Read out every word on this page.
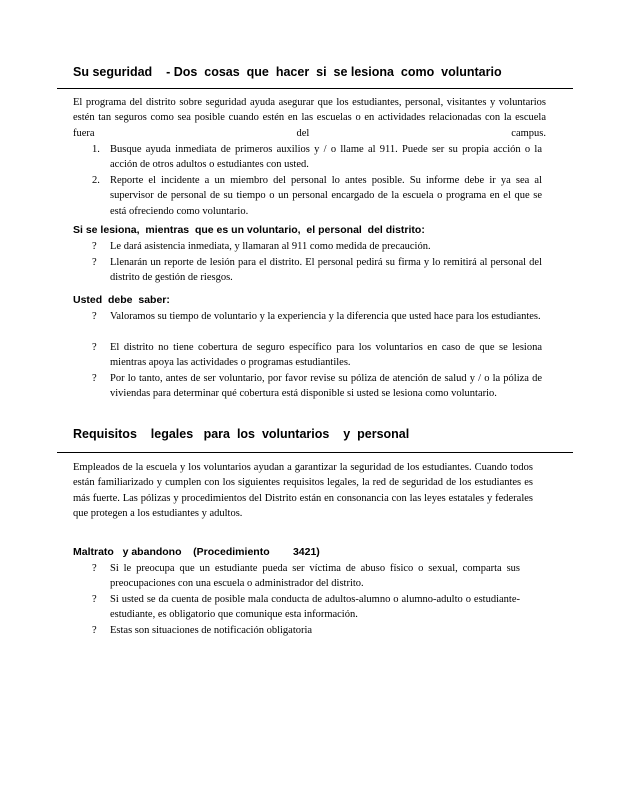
Su seguridad    - Dos  cosas  que  hacer  si  se lesiona  como  voluntario
El programa del distrito sobre seguridad ayuda asegurar que los estudiantes, personal, visitantes y voluntarios estén tan seguros como sea posible cuando estén en las escuelas o en actividades relacionadas con la escuela fuera del campus.
1. Busque ayuda inmediata de primeros auxilios y / o llame al 911. Puede ser su propia acción o la acción de otros adultos o estudiantes con usted.
2. Reporte el incidente a un miembro del personal lo antes posible. Su informe debe ir ya sea al supervisor de personal de su tiempo o un personal encargado de la escuela o programa en el que se está ofreciendo como voluntario.
Si se lesiona,  mientras  que es un voluntario,  el personal  del distrito:
?	Le dará asistencia inmediata, y llamaran al 911 como medida de precaución.
?	Llenarán un reporte de lesión para el distrito. El personal pedirá su firma y lo remitirá al personal del distrito de gestión de riesgos.
Usted  debe  saber:
?	Valoramos su tiempo de voluntario y la experiencia y la diferencia que usted hace para los estudiantes.
?	El distrito no tiene cobertura de seguro específico para los voluntarios en caso de que se lesiona mientras apoya las actividades o programas estudiantiles.
?	Por lo tanto, antes de ser voluntario, por favor revise su póliza de atención de salud y / o la póliza de viviendas para determinar qué cobertura está disponible si usted se lesiona como voluntario.
Requisitos    legales   para  los  voluntarios    y  personal
Empleados de la escuela y los voluntarios ayudan a garantizar la seguridad de los estudiantes. Cuando todos están familiarizado y cumplen con los siguientes requisitos legales, la red de seguridad de los estudiantes es más fuerte. Las pólizas y procedimientos del Distrito están en consonancia con las leyes estatales y federales que protegen a los estudiantes y adultos.
Maltrato   y abandono    (Procedimiento        3421)
?	Si le preocupa que un estudiante pueda ser víctima de abuso físico o sexual, comparta sus preocupaciones con una escuela o administrador del distrito.
?	Si usted se da cuenta de posible mala conducta de adultos-alumno o alumno-adulto o estudiante-estudiante, es obligatorio que comunique esta información.
?	Estas son situaciones de notificación obligatoria
